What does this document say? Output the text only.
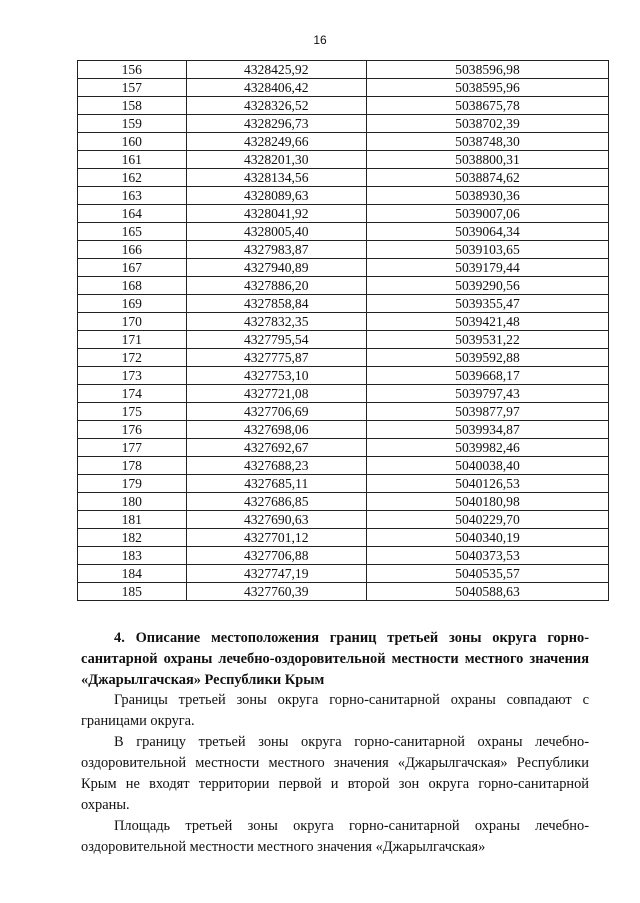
16
156	4328425,92	5038596,98
157	4328406,42	5038595,96
158	4328326,52	5038675,78
159	4328296,73	5038702,39
160	4328249,66	5038748,30
161	4328201,30	5038800,31
162	4328134,56	5038874,62
163	4328089,63	5038930,36
164	4328041,92	5039007,06
165	4328005,40	5039064,34
166	4327983,87	5039103,65
167	4327940,89	5039179,44
168	4327886,20	5039290,56
169	4327858,84	5039355,47
170	4327832,35	5039421,48
171	4327795,54	5039531,22
172	4327775,87	5039592,88
173	4327753,10	5039668,17
174	4327721,08	5039797,43
175	4327706,69	5039877,97
176	4327698,06	5039934,87
177	4327692,67	5039982,46
178	4327688,23	5040038,40
179	4327685,11	5040126,53
180	4327686,85	5040180,98
181	4327690,63	5040229,70
182	4327701,12	5040340,19
183	4327706,88	5040373,53
184	4327747,19	5040535,57
185	4327760,39	5040588,63
4. Описание местоположения границ третьей зоны округа горно-санитарной охраны лечебно-оздоровительной местности местного значения «Джарылгачская» Республики Крым

Границы третьей зоны округа горно-санитарной охраны совпадают с границами округа.

В границу третьей зоны округа горно-санитарной охраны лечебно-оздоровительной местности местного значения «Джарылгачская» Республики Крым не входят территории первой и второй зон округа горно-санитарной охраны.

Площадь третьей зоны округа горно-санитарной охраны лечебно-оздоровительной местности местного значения «Джарылгачская»
